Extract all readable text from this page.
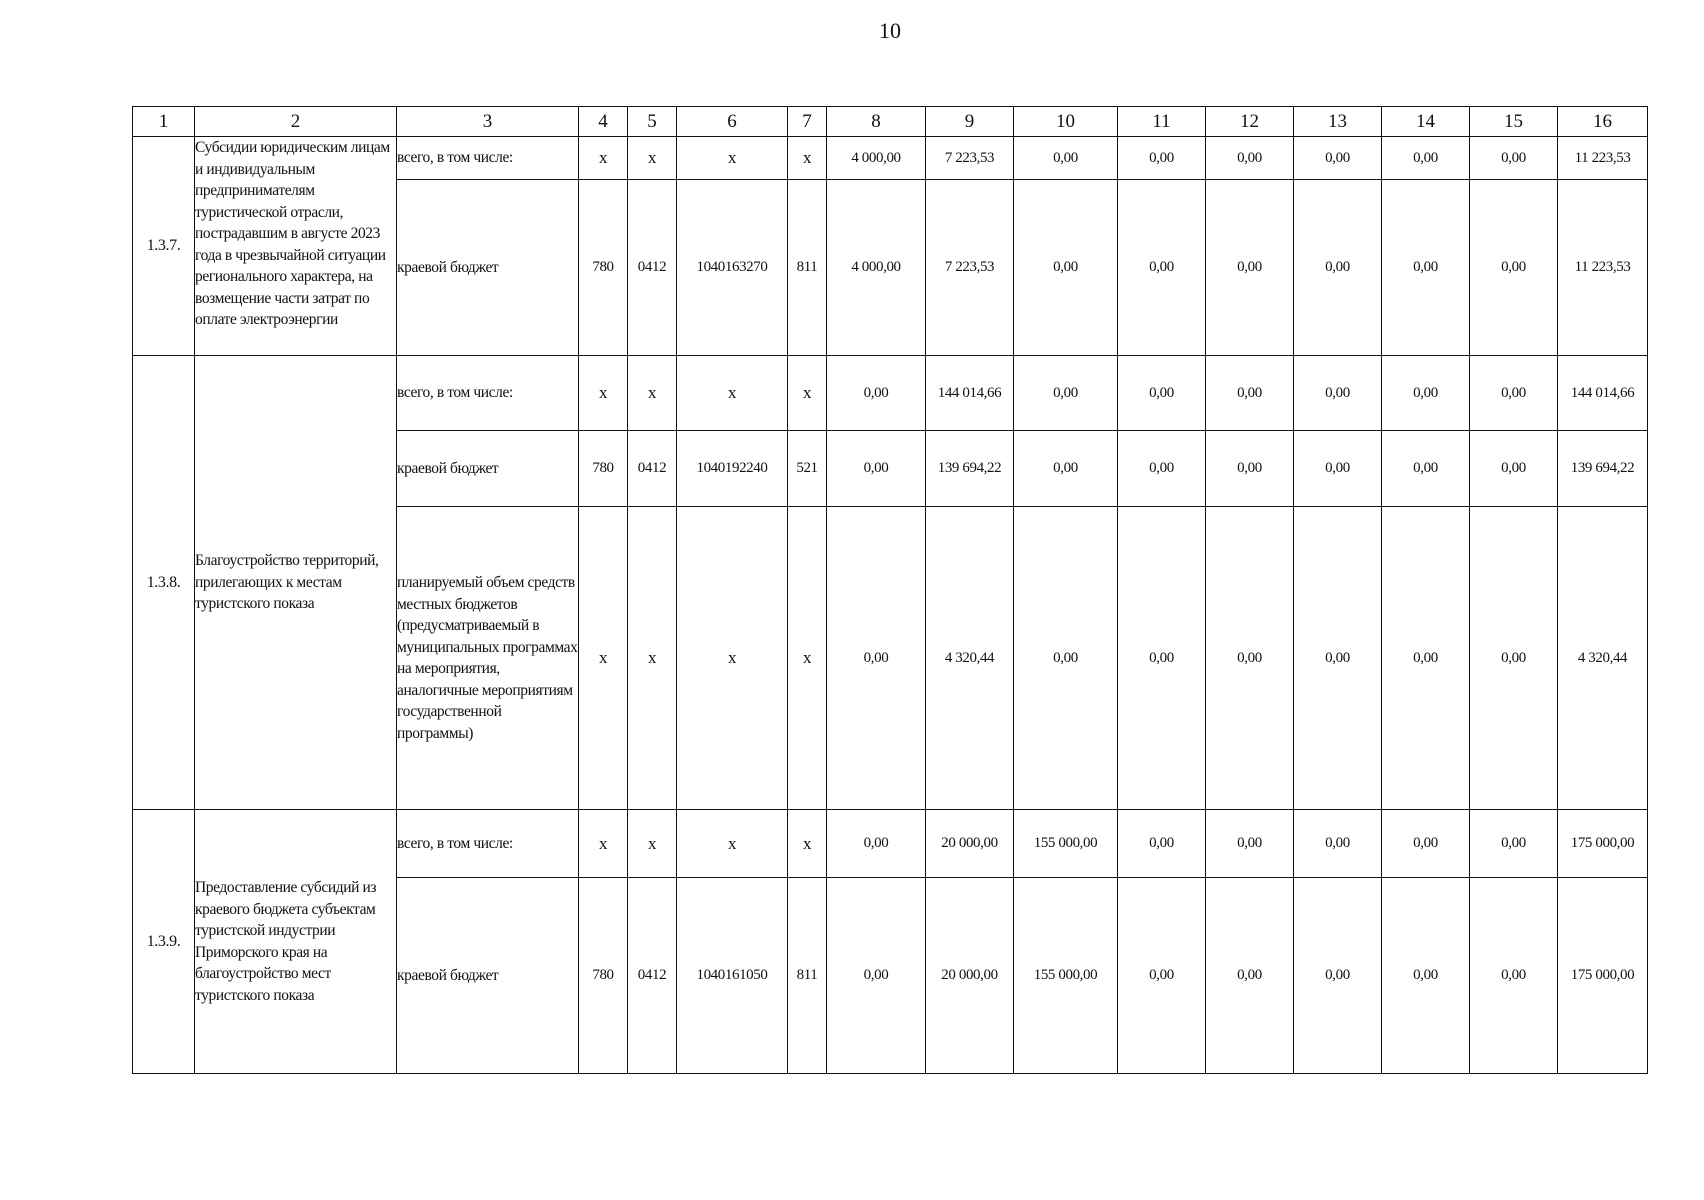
10
1	2	3	4	5	6	7	8	9	10	11	12	13	14	15	16
1.3.7.	Субсидии юридическим лицам и индивидуальным предпринимателям туристической отрасли, пострадавшим в августе 2023 года в чрезвычайной ситуации регионального характера, на возмещение части затрат по оплате электроэнергии	всего, в том числе:	x	x	x	x	4 000,00	7 223,53	0,00	0,00	0,00	0,00	0,00	0,00	11 223,53
		краевой бюджет	780	0412	1040163270	811	4 000,00	7 223,53	0,00	0,00	0,00	0,00	0,00	0,00	11 223,53
1.3.8.	Благоустройство территорий, прилегающих к местам туристского показа	всего, в том числе:	x	x	x	x	0,00	144 014,66	0,00	0,00	0,00	0,00	0,00	0,00	144 014,66
		краевой бюджет	780	0412	1040192240	521	0,00	139 694,22	0,00	0,00	0,00	0,00	0,00	0,00	139 694,22
		планируемый объем средств местных бюджетов (предусматриваемый в муниципальных программах на мероприятия, аналогичные мероприятиям государственной программы)	x	x	x	x	0,00	4 320,44	0,00	0,00	0,00	0,00	0,00	0,00	4 320,44
1.3.9.	Предоставление субсидий из краевого бюджета субъектам туристской индустрии Приморского края на благоустройство мест туристского показа	всего, в том числе:	x	x	x	x	0,00	20 000,00	155 000,00	0,00	0,00	0,00	0,00	0,00	175 000,00
		краевой бюджет	780	0412	1040161050	811	0,00	20 000,00	155 000,00	0,00	0,00	0,00	0,00	0,00	175 000,00
